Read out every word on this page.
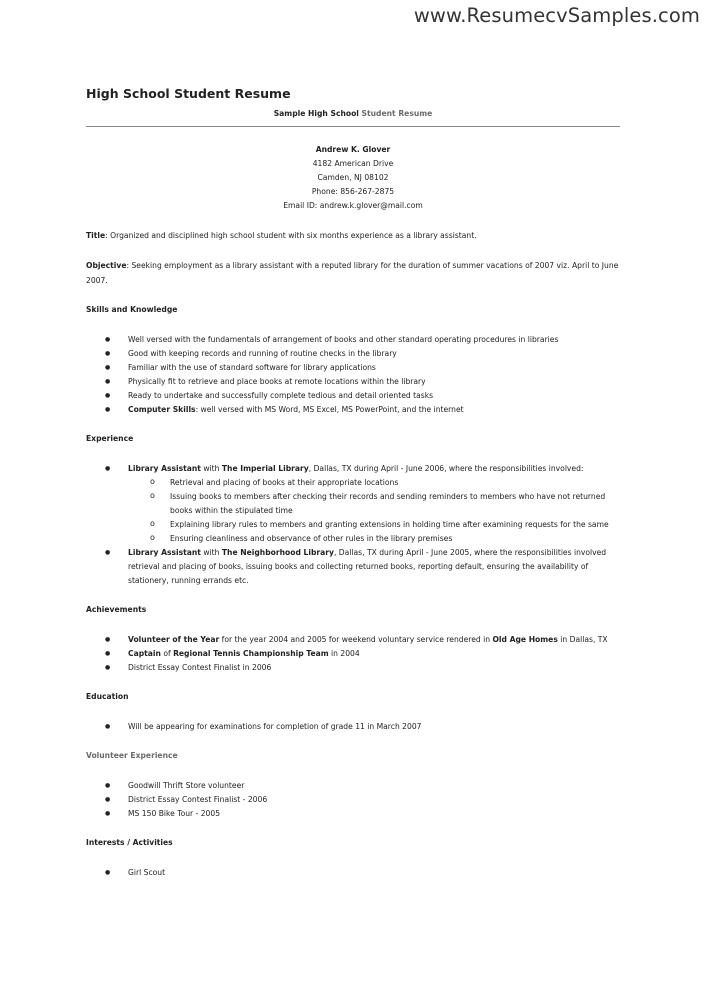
www.ResumecvSamples.com
High School Student Resume
Sample High School Student Resume
Andrew K. Glover
4182 American Drive
Camden, NJ 08102
Phone: 856-267-2875
Email ID: andrew.k.glover@mail.com

Title: Organized and disciplined high school student with six months experience as a library assistant.

Objective: Seeking employment as a library assistant with a reputed library for the duration of summer vacations of 2007 viz. April to June 2007.

Skills and Knowledge
● Well versed with the fundamentals of arrangement of books and other standard operating procedures in libraries
● Good with keeping records and running of routine checks in the library
● Familiar with the use of standard software for library applications
● Physically fit to retrieve and place books at remote locations within the library
● Ready to undertake and successfully complete tedious and detail oriented tasks
● Computer Skills: well versed with MS Word, MS Excel, MS PowerPoint, and the internet
Experience
● Library Assistant with The Imperial Library, Dallas, TX during April - June 2006, where the responsibilities involved:
o Retrieval and placing of books at their appropriate locations
o Issuing books to members after checking their records and sending reminders to members who have not returned books within the stipulated time
o Explaining library rules to members and granting extensions in holding time after examining requests for the same
o Ensuring cleanliness and observance of other rules in the library premises
● Library Assistant with The Neighborhood Library, Dallas, TX during April - June 2005, where the responsibilities involved retrieval and placing of books, issuing books and collecting returned books, reporting default, ensuring the availability of stationery, running errands etc.
Achievements
● Volunteer of the Year for the year 2004 and 2005 for weekend voluntary service rendered in Old Age Homes in Dallas, TX
● Captain of Regional Tennis Championship Team in 2004
● District Essay Contest Finalist in 2006
Education
● Will be appearing for examinations for completion of grade 11 in March 2007
Volunteer Experience
● Goodwill Thrift Store volunteer
● District Essay Contest Finalist - 2006
● MS 150 Bike Tour - 2005
Interests / Activities
● Girl Scout
